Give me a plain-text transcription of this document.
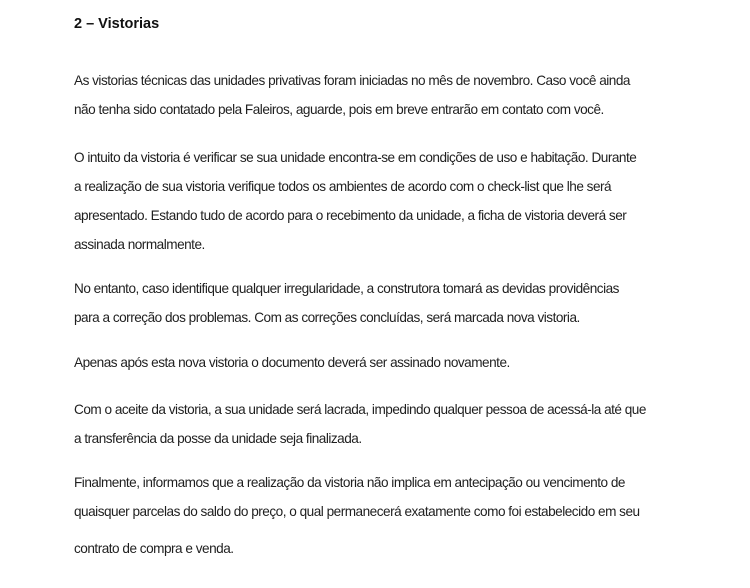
2 – Vistorias

As vistorias técnicas das unidades privativas foram iniciadas no mês de novembro. Caso você ainda
não tenha sido contatado pela Faleiros, aguarde, pois em breve entrarão em contato com você.

O intuito da vistoria é verificar se sua unidade encontra-se em condições de uso e habitação. Durante
a realização de sua vistoria verifique todos os ambientes de acordo com o check-list que lhe será
apresentado. Estando tudo de acordo para o recebimento da unidade, a ficha de vistoria deverá ser
assinada normalmente.

No entanto, caso identifique qualquer irregularidade, a construtora tomará as devidas providências
para a correção dos problemas. Com as correções concluídas, será marcada nova vistoria.

Apenas após esta nova vistoria o documento deverá ser assinado novamente.

Com o aceite da vistoria, a sua unidade será lacrada, impedindo qualquer pessoa de acessá-la até que
a transferência da posse da unidade seja finalizada.

Finalmente, informamos que a realização da vistoria não implica em antecipação ou vencimento de
quaisquer parcelas do saldo do preço, o qual permanecerá exatamente como foi estabelecido em seu
contrato de compra e venda.
